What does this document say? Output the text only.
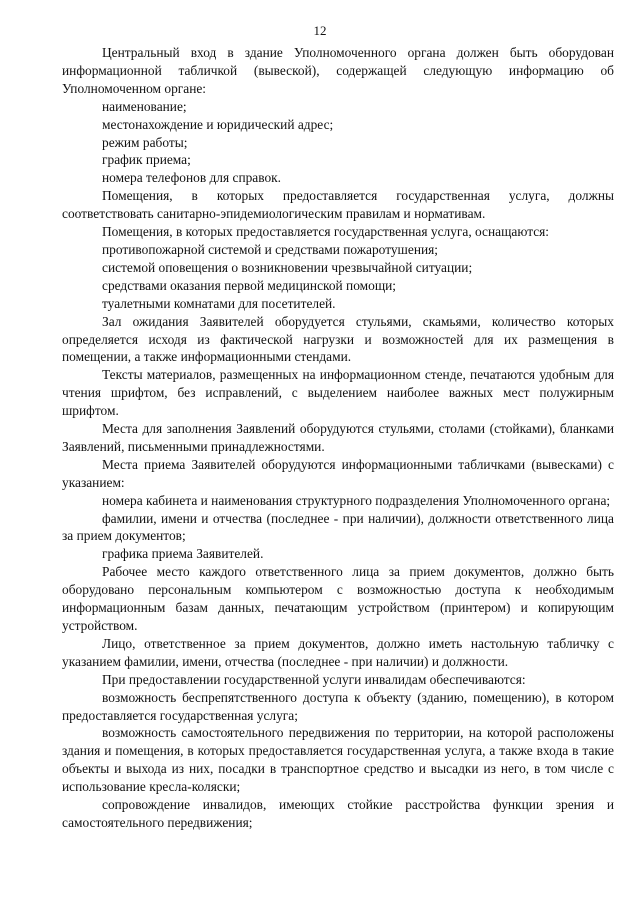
12

Центральный вход в здание Уполномоченного органа должен быть оборудован информационной табличкой (вывеской), содержащей следующую информацию об Уполномоченном органе:

наименование;

местонахождение и юридический адрес;

режим работы;

график приема;

номера телефонов для справок.

Помещения, в которых предоставляется государственная услуга, должны соответствовать санитарно-эпидемиологическим правилам и нормативам.

Помещения, в которых предоставляется государственная услуга, оснащаются:

противопожарной системой и средствами пожаротушения;

системой оповещения о возникновении чрезвычайной ситуации;

средствами оказания первой медицинской помощи;

туалетными комнатами для посетителей.

Зал ожидания Заявителей оборудуется стульями, скамьями, количество которых определяется исходя из фактической нагрузки и возможностей для их размещения в помещении, а также информационными стендами.

Тексты материалов, размещенных на информационном стенде, печатаются удобным для чтения шрифтом, без исправлений, с выделением наиболее важных мест полужирным шрифтом.

Места для заполнения Заявлений оборудуются стульями, столами (стойками), бланками Заявлений, письменными принадлежностями.

Места приема Заявителей оборудуются информационными табличками (вывесками) с указанием:

номера кабинета и наименования структурного подразделения Уполномоченного органа;

фамилии, имени и отчества (последнее - при наличии), должности ответственного лица за прием документов;

графика приема Заявителей.

Рабочее место каждого ответственного лица за прием документов, должно быть оборудовано персональным компьютером с возможностью доступа к необходимым информационным базам данных, печатающим устройством (принтером) и копирующим устройством.

Лицо, ответственное за прием документов, должно иметь настольную табличку с указанием фамилии, имени, отчества (последнее - при наличии) и должности.

При предоставлении государственной услуги инвалидам обеспечиваются:

возможность беспрепятственного доступа к объекту (зданию, помещению), в котором предоставляется государственная услуга;

возможность самостоятельного передвижения по территории, на которой расположены здания и помещения, в которых предоставляется государственная услуга, а также входа в такие объекты и выхода из них, посадки в транспортное средство и высадки из него, в том числе с использование кресла-коляски;

сопровождение инвалидов, имеющих стойкие расстройства функции зрения и самостоятельного передвижения;
